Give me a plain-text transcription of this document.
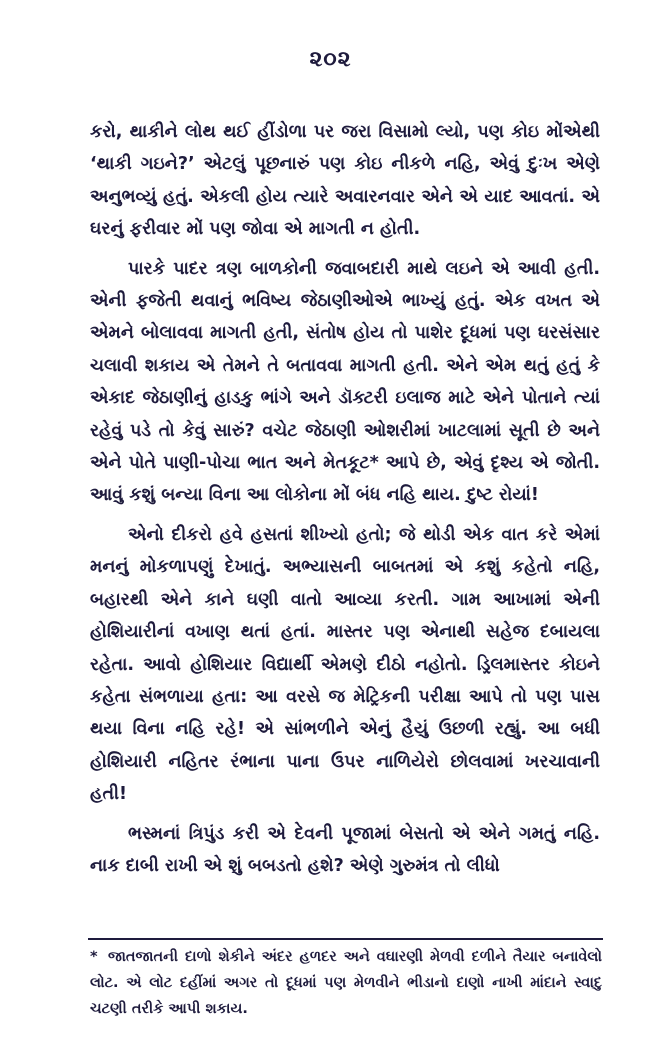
૨૦૨

કરો, થાકીને લોથ થઈ હીંડોળા પર જરા વિસામો લ્યો, પણ કોઇ મોંએથી ‘થાકી ગઇને?’ એટલું પૂછનારું પણ કોઇ નીકળે નહિ, એવું દુઃખ એણે અનુભવ્યું હતું. એકલી હોય ત્યારે અવારનવાર એને એ યાદ આવતાં. એ ઘરનું ફરીવાર મોં પણ જોવા એ માગતી ન હોતી.

પારકે પાદર ત્રણ બાળકોની જવાબદારી માથે લઇને એ આવી હતી. એની ફજેતી થવાનું ભવિષ્ય જેઠાણીઓએ ભાખ્યું હતું. એક વખત એ એમને બોલાવવા માગતી હતી, સંતોષ હોય તો પાશેર દૂધમાં પણ ઘરસંસાર ચલાવી શકાય એ તેમને તે બતાવવા માગતી હતી. એને એમ થતું હતું કે એકાદ જેઠાણીનું હાડકુ ભાંગે અને ડૉક્ટરી ઇલાજ માટે એને પોતાને ત્યાં રહેવું પડે તો કેવું સારું? વચેટ જેઠાણી ઓશરીમાં ખાટલામાં સૂતી છે અને એને પોતે પાણી-પોચા ભાત અને મેતકૂટ* આપે છે, એવું દૃશ્ય એ જોતી. આવું કશું બન્યા વિના આ લોકોના મોં બંધ નહિ થાય. દુષ્ટ રોયાં!

એનો દીકરો હવે હસતાં શીખ્યો હતો; જે થોડી એક વાત કરે એમાં મનનું મોકળાપણું દેખાતું. અભ્યાસની બાબતમાં એ કશું કહેતો નહિ, બહારથી એને કાને ઘણી વાતો આવ્યા કરતી. ગામ આખામાં એની હોશિયારીનાં વખાણ થતાં હતાં. માસ્તર પણ એનાથી સહેજ દબાયલા રહેતા. આવો હોશિયાર વિદ્યાર્થી એમણે દીઠો નહોતો. ડ્રિલમાસ્તર કોઇને કહેતા સંભળાયા હતા: આ વરસે જ મેટ્રિકની પરીક્ષા આપે તો પણ પાસ થયા વિના નહિ રહે! એ સાંભળીને એનું હૈયું ઉછળી રહ્યું. આ બધી હોશિયારી નહિતર રંભાના પાના ઉપર નાળિયેરો છોલવામાં ખરચાવાની હતી!

ભસ્મનાં ત્રિપુંડ કરી એ દેવની પૂજામાં બેસતો એ એને ગમતું નહિ. નાક દાબી રાખી એ શું બબડતો હશે? એણે ગુરુમંત્ર તો લીધો

* જાતજાતની દાળો શેકીને અંદર હળદર અને વઘારણી મેળવી દળીને તૈયાર બનાવેલો લોટ. એ લોટ દહીંમાં અગર તો દૂધમાં પણ મેળવીને ભીડાનો દાણો નાખી માંદાને સ્વાદુ ચટણી તરીકે આપી શકાય.
